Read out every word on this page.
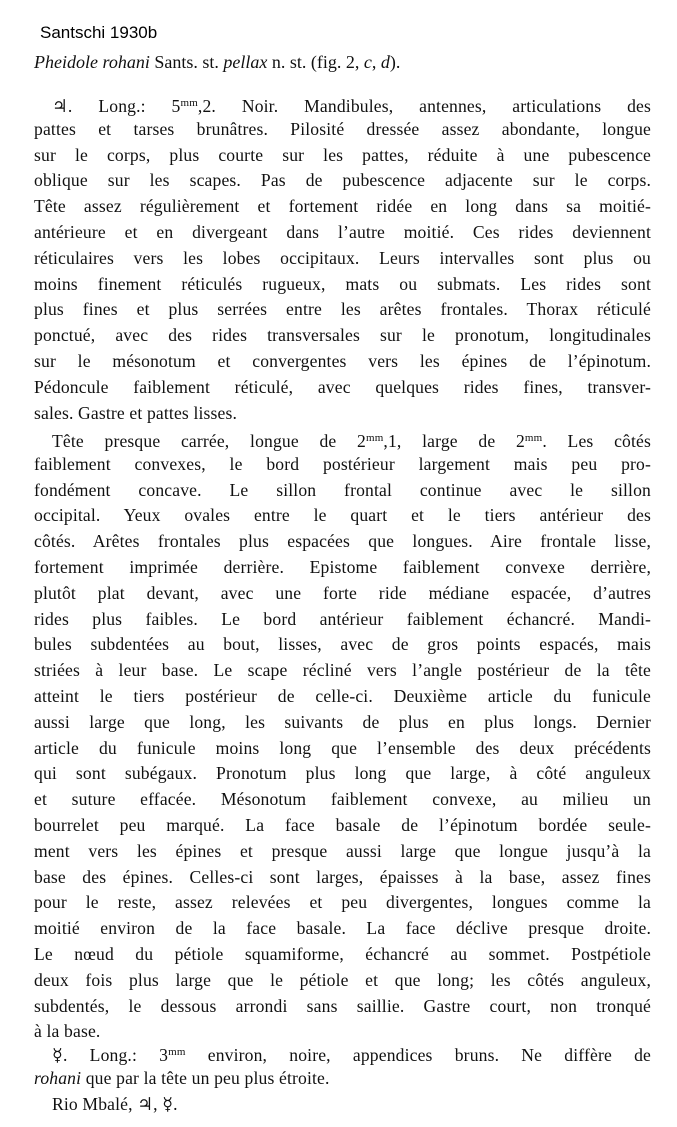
Santschi 1930b
Pheidole rohani Sants. st. pellax n. st. (fig. 2, c, d).
♃. Long.: $5^{mm},2$. Noir. Mandibules, antennes, articulations des
pattes et tarses brunâtres. Pilosité dressée assez abondante, longue
sur le corps, plus courte sur les pattes, réduite à une pubescence
oblique sur les scapes. Pas de pubescence adjacente sur le corps.
Tête assez régulièrement et fortement ridée en long dans sa moitié-
antérieure et en divergeant dans l’autre moitié. Ces rides deviennent
réticulaires vers les lobes occipitaux. Leurs intervalles sont plus ou
moins finement réticulés rugueux, mats ou submats. Les rides sont
plus fines et plus serrées entre les arêtes frontales. Thorax réticulé
ponctué, avec des rides transversales sur le pronotum, longitudinales
sur le mésonotum et convergentes vers les épines de l’épinotum.
Pédoncule faiblement réticulé, avec quelques rides fines, transver-
sales. Gastre et pattes lisses.
Tête presque carrée, longue de $2^{mm},1$, large de $2^{mm}$. Les côtés
faiblement convexes, le bord postérieur largement mais peu pro-
fondément concave. Le sillon frontal continue avec le sillon
occipital. Yeux ovales entre le quart et le tiers antérieur des
côtés. Arêtes frontales plus espacées que longues. Aire frontale lisse,
fortement imprimée derrière. Epistome faiblement convexe derrière,
plutôt plat devant, avec une forte ride médiane espacée, d’autres
rides plus faibles. Le bord antérieur faiblement échancré. Mandi-
bules subdentées au bout, lisses, avec de gros points espacés, mais
striées à leur base. Le scape récliné vers l’angle postérieur de la tête
atteint le tiers postérieur de celle-ci. Deuxième article du funicule
aussi large que long, les suivants de plus en plus longs. Dernier
article du funicule moins long que l’ensemble des deux précédents
qui sont subégaux. Pronotum plus long que large, à côté anguleux
et suture effacée. Mésonotum faiblement convexe, au milieu un
bourrelet peu marqué. La face basale de l’épinotum bordée seule-
ment vers les épines et presque aussi large que longue jusqu’à la
base des épines. Celles-ci sont larges, épaisses à la base, assez fines
pour le reste, assez relevées et peu divergentes, longues comme la
moitié environ de la face basale. La face déclive presque droite.
Le nœud du pétiole squamiforme, échancré au sommet. Postpétiole
deux fois plus large que le pétiole et que long; les côtés anguleux,
subdentés, le dessous arrondi sans saillie. Gastre court, non tronqué
à la base.
☿. Long.: $3^{mm}$ environ, noire, appendices bruns. Ne diffère de
rohani que par la tête un peu plus étroite.
Rio Mbalé, ♃, ☿.
